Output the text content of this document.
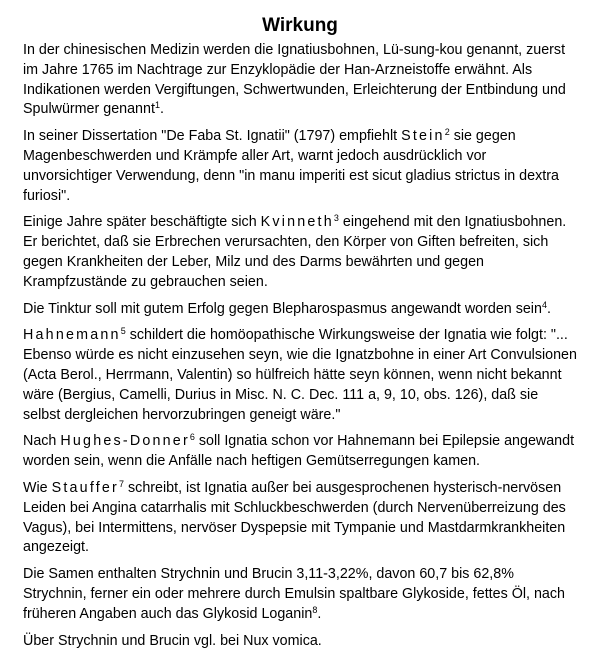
Wirkung

In der chinesischen Medizin werden die Ignatiusbohnen, Lü-sung-kou genannt, zuerst im Jahre 1765 im Nachtrage zur Enzyklopädie der Han-Arzneistoffe erwähnt. Als Indikationen werden Vergiftungen, Schwertwunden, Erleichterung der Entbindung und Spulwürmer genannt$^1$.

In seiner Dissertation "De Faba St. Ignatii" (1797) empfiehlt Stein$^2$ sie gegen Magenbeschwerden und Krämpfe aller Art, warnt jedoch ausdrücklich vor unvorsichtiger Verwendung, denn "in manu imperiti est sicut gladius strictus in dextra furiosi".

Einige Jahre später beschäftigte sich Kvinneth$^3$ eingehend mit den Ignatiusbohnen. Er berichtet, daß sie Erbrechen verursachten, den Körper von Giften befreiten, sich gegen Krankheiten der Leber, Milz und des Darms bewährten und gegen Krampfzustände zu gebrauchen seien.

Die Tinktur soll mit gutem Erfolg gegen Blepharospasmus angewandt worden sein$^4$.

Hahnemann$^5$ schildert die homöopathische Wirkungsweise der Ignatia wie folgt: "... Ebenso würde es nicht einzusehen seyn, wie die Ignatzbohne in einer Art Convulsionen (Acta Berol., Herrmann, Valentin) so hülfreich hätte seyn können, wenn nicht bekannt wäre (Bergius, Camelli, Durius in Misc. N. C. Dec. 111 a, 9, 10, obs. 126), daß sie selbst dergleichen hervorzubringen geneigt wäre."

Nach Hughes-Donner$^6$ soll Ignatia schon vor Hahnemann bei Epilepsie angewandt worden sein, wenn die Anfälle nach heftigen Gemütserregungen kamen.

Wie Stauffer$^7$ schreibt, ist Ignatia außer bei ausgesprochenen hysterisch-nervösen Leiden bei Angina catarrhalis mit Schluckbeschwerden (durch Nervenüberreizung des Vagus), bei Intermittens, nervöser Dyspepsie mit Tympanie und Mastdarmkrankheiten angezeigt.

Die Samen enthalten Strychnin und Brucin 3,11-3,22%, davon 60,7 bis 62,8% Strychnin, ferner ein oder mehrere durch Emulsin spaltbare Glykoside, fettes Öl, nach früheren Angaben auch das Glykosid Loganin$^8$.

Über Strychnin und Brucin vgl. bei Nux vomica.
